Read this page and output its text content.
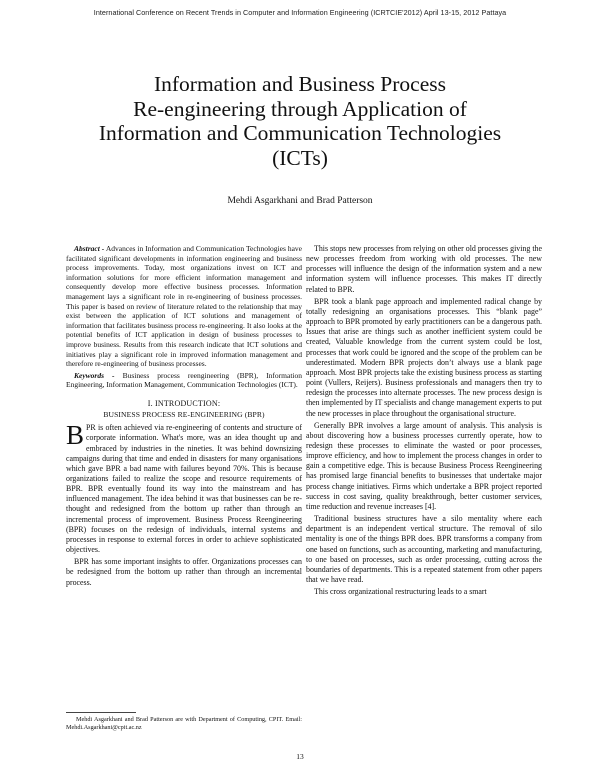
International Conference on Recent Trends in Computer and Information Engineering (ICRTCIE'2012) April 13-15, 2012 Pattaya
Information and Business Process
Re-engineering through Application of
Information and Communication Technologies
(ICTs)
Mehdi Asgarkhani and Brad Patterson

Abstract - Advances in Information and Communication Technologies have facilitated significant developments in information engineering and business process improvements. Today, most organizations invest on ICT and information solutions for more efficient information management and consequently develop more effective business processes. Information management lays a significant role in re-engineering of business processes. This paper is based on review of literature related to the relationship that may exist between the application of ICT solutions and management of information that facilitates business process re-engineering. It also looks at the potential benefits of ICT application in design of business processes to improve business. Results from this research indicate that ICT solutions and initiatives play a significant role in improved information management and therefore re-engineering of business processes.

Keywords - Business process reengineering (BPR), Information Engineering, Information Management, Communication Technologies (ICT).

I. INTRODUCTION:
BUSINESS PROCESS RE-ENGINEERING (BPR)

BPR is often achieved via re-engineering of contents and structure of corporate information. What's more, was an idea thought up and embraced by industries in the nineties. It was behind downsizing campaigns during that time and ended in disasters for many organisations which gave BPR a bad name with failures beyond 70%. This is because organizations failed to realize the scope and resource requirements of BPR. BPR eventually found its way into the mainstream and has influenced management. The idea behind it was that businesses can be re-thought and redesigned from the bottom up rather than through an incremental process of improvement. Business Process Reengineering (BPR) focuses on the redesign of individuals, internal systems and processes in response to external forces in order to achieve sophisticated objectives.

BPR has some important insights to offer. Organizations processes can be redesigned from the bottom up rather than through an incremental process.

Mehdi Asgarkhani and Brad Patterson are with Department of Computing, CPIT. Email: Mehdi.Asgarkhani@cpit.ac.nz

This stops new processes from relying on other old processes giving the new processes freedom from working with old processes. The new processes will influence the design of the information system and a new information system will influence processes. This makes IT directly related to BPR.

BPR took a blank page approach and implemented radical change by totally redesigning an organisations processes. This “blank page” approach to BPR promoted by early practitioners can be a dangerous path. Issues that arise are things such as another inefficient system could be created, Valuable knowledge from the current system could be lost, processes that work could be ignored and the scope of the problem can be underestimated. Modern BPR projects don’t always use a blank page approach. Most BPR projects take the existing business process as starting point (Vullers, Reijers). Business professionals and managers then try to redesign the processes into alternate processes. The new process design is then implemented by IT specialists and change management experts to put the new processes in place throughout the organisational structure.

Generally BPR involves a large amount of analysis. This analysis is about discovering how a business processes currently operate, how to redesign these processes to eliminate the wasted or poor processes, improve efficiency, and how to implement the process changes in order to gain a competitive edge. This is because Business Process Reengineering has promised large financial benefits to businesses that undertake major process change initiatives. Firms which undertake a BPR project reported success in cost saving, quality breakthrough, better customer services, time reduction and revenue increases [4].

Traditional business structures have a silo mentality where each department is an independent vertical structure. The removal of silo mentality is one of the things BPR does. BPR transforms a company from one based on functions, such as accounting, marketing and manufacturing, to one based on processes, such as order processing, cutting across the boundaries of departments. This is a repeated statement from other papers that we have read.

This cross organizational restructuring leads to a smart

13
